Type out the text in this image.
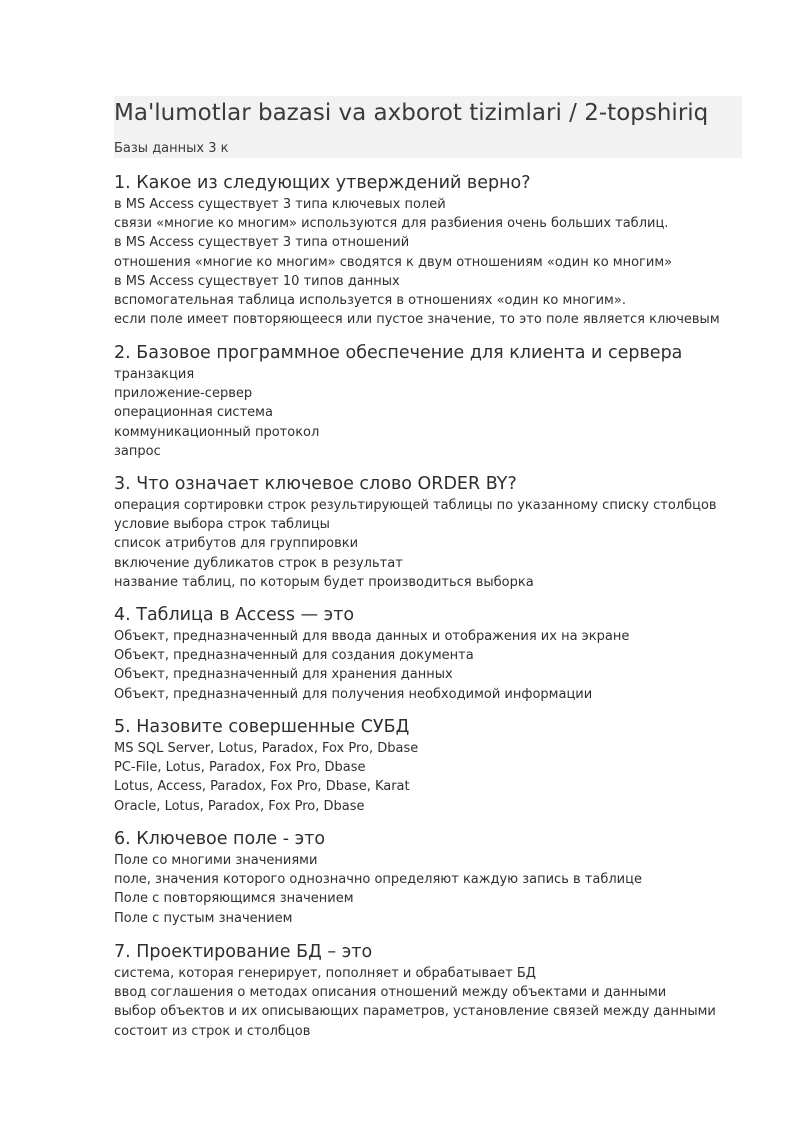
Ma'lumotlar bazasi va axborot tizimlari / 2-topshiriq

Базы данных 3 к

1. Какое из следующих утверждений верно?
в MS Access существует 3 типа ключевых полей
связи «многие ко многим» используются для разбиения очень больших таблиц.
в MS Access существует 3 типа отношений
отношения «многие ко многим» сводятся к двум отношениям «один ко многим»
в MS Access существует 10 типов данных
вспомогательная таблица используется в отношениях «один ко многим».
если поле имеет повторяющееся или пустое значение, то это поле является ключевым
2. Базовое программное обеспечение для клиента и сервера
транзакция
приложение-сервер
операционная система
коммуникационный протокол
запрос
3. Что означает ключевое слово ORDER BY?
операция сортировки строк результирующей таблицы по указанному списку столбцов
условие выбора строк таблицы
список атрибутов для группировки
включение дубликатов строк в результат
название таблиц, по которым будет производиться выборка
4. Таблица в Access — это
Объект, предназначенный для ввода данных и отображения их на экране
Объект, предназначенный для создания документа
Объект, предназначенный для хранения данных
Объект, предназначенный для получения необходимой информации
5. Назовите совершенные СУБД
MS SQL Server, Lotus, Paradox, Fox Pro, Dbase
PC-File, Lotus, Paradox, Fox Pro, Dbase
Lotus, Access, Paradox, Fox Pro, Dbase, Karat
Oracle, Lotus, Paradox, Fox Pro, Dbase
6. Ключевое поле - это
Поле со многими значениями
поле, значения которого однозначно определяют каждую запись в таблице
Поле с повторяющимся значением
Поле с пустым значением
7. Проектирование БД – это
система, которая генерирует, пополняет и обрабатывает БД
ввод соглашения о методах описания отношений между объектами и данными
выбор объектов и их описывающих параметров, установление связей между данными
состоит из строк и столбцов
